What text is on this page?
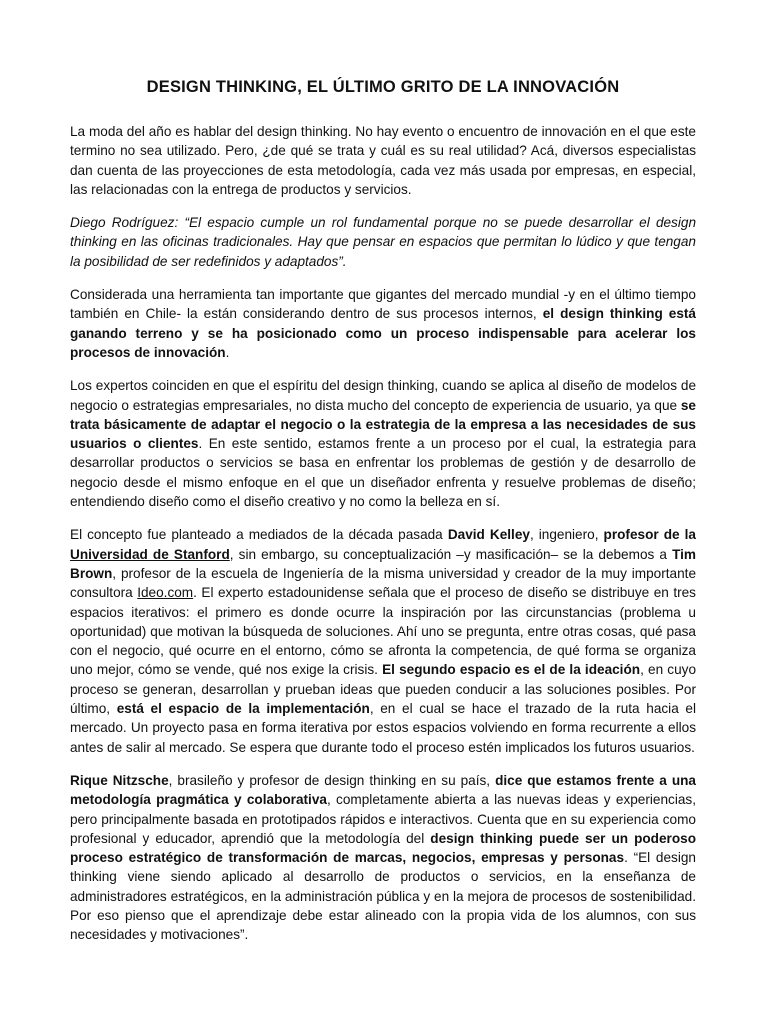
DESIGN THINKING, EL ÚLTIMO GRITO DE LA INNOVACIÓN

La moda del año es hablar del design thinking. No hay evento o encuentro de innovación en el que este termino no sea utilizado. Pero, ¿de qué se trata y cuál es su real utilidad? Acá, diversos especialistas dan cuenta de las proyecciones de esta metodología, cada vez más usada por empresas, en especial, las relacionadas con la entrega de productos y servicios.

Diego Rodríguez: “El espacio cumple un rol fundamental porque no se puede desarrollar el design thinking en las oficinas tradicionales. Hay que pensar en espacios que permitan lo lúdico y que tengan la posibilidad de ser redefinidos y adaptados”.

Considerada una herramienta tan importante que gigantes del mercado mundial -y en el último tiempo también en Chile- la están considerando dentro de sus procesos internos, el design thinking está ganando terreno y se ha posicionado como un proceso indispensable para acelerar los procesos de innovación.

Los expertos coinciden en que el espíritu del design thinking, cuando se aplica al diseño de modelos de negocio o estrategias empresariales, no dista mucho del concepto de experiencia de usuario, ya que se trata básicamente de adaptar el negocio o la estrategia de la empresa a las necesidades de sus usuarios o clientes. En este sentido, estamos frente a un proceso por el cual, la estrategia para desarrollar productos o servicios se basa en enfrentar los problemas de gestión y de desarrollo de negocio desde el mismo enfoque en el que un diseñador enfrenta y resuelve problemas de diseño; entendiendo diseño como el diseño creativo y no como la belleza en sí.

El concepto fue planteado a mediados de la década pasada David Kelley, ingeniero, profesor de la Universidad de Stanford, sin embargo, su conceptualización –y masificación– se la debemos a Tim Brown, profesor de la escuela de Ingeniería de la misma universidad y creador de la muy importante consultora Ideo.com. El experto estadounidense señala que el proceso de diseño se distribuye en tres espacios iterativos: el primero es donde ocurre la inspiración por las circunstancias (problema u oportunidad) que motivan la búsqueda de soluciones. Ahí uno se pregunta, entre otras cosas, qué pasa con el negocio, qué ocurre en el entorno, cómo se afronta la competencia, de qué forma se organiza uno mejor, cómo se vende, qué nos exige la crisis. El segundo espacio es el de la ideación, en cuyo proceso se generan, desarrollan y prueban ideas que pueden conducir a las soluciones posibles. Por último, está el espacio de la implementación, en el cual se hace el trazado de la ruta hacia el mercado. Un proyecto pasa en forma iterativa por estos espacios volviendo en forma recurrente a ellos antes de salir al mercado. Se espera que durante todo el proceso estén implicados los futuros usuarios.

Rique Nitzsche, brasileño y profesor de design thinking en su país, dice que estamos frente a una metodología pragmática y colaborativa, completamente abierta a las nuevas ideas y experiencias, pero principalmente basada en prototipados rápidos e interactivos. Cuenta que en su experiencia como profesional y educador, aprendió que la metodología del design thinking puede ser un poderoso proceso estratégico de transformación de marcas, negocios, empresas y personas. “El design thinking viene siendo aplicado al desarrollo de productos o servicios, en la enseñanza de administradores estratégicos, en la administración pública y en la mejora de procesos de sostenibilidad. Por eso pienso que el aprendizaje debe estar alineado con la propia vida de los alumnos, con sus necesidades y motivaciones”.
